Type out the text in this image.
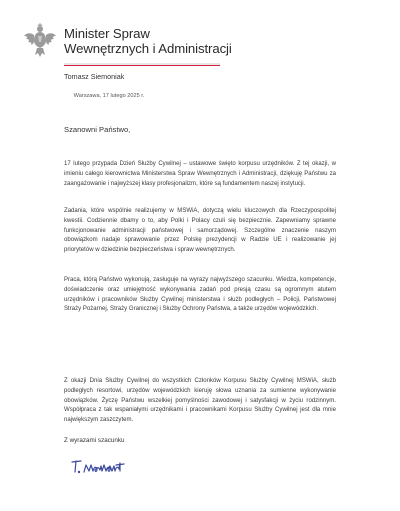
Minister Spraw
Wewnętrznych i Administracji
Tomasz Siemoniak
Warszawa, 17 lutego 2025 r.
Szanowni Państwo,

17 lutego przypada Dzień Służby Cywilnej – ustawowe święto korpusu urzędników. Z tej okazji, w imieniu całego kierownictwa Ministerstwa Spraw Wewnętrznych i Administracji, dziękuję Państwu za zaangażowanie i najwyższej klasy profesjonalizm, które są fundamentem naszej instytucji.

Zadania, które wspólnie realizujemy w MSWiA, dotyczą wielu kluczowych dla Rzeczypospolitej kwestii. Codziennie dbamy o to, aby Polki i Polacy czuli się bezpiecznie. Zapewniamy sprawne funkcjonowanie administracji państwowej i samorządowej. Szczególne znaczenie naszym obowiązkom nadaje sprawowanie przez Polskę prezydencji w Radzie UE i realizowanie jej priorytetów w dziedzinie bezpieczeństwa i spraw wewnętrznych.

Praca, którą Państwo wykonują, zasługuje na wyrazy najwyższego szacunku. Wiedza, kompetencje, doświadczenie oraz umiejętność wykonywania zadań pod presją czasu są ogromnym atutem urzędników i pracowników Służby Cywilnej ministerstwa i służb podległych – Policji, Państwowej Straży Pożarnej, Straży Granicznej i Służby Ochrony Państwa, a także urzędów wojewódzkich.

Z okazji Dnia Służby Cywilnej do wszystkich Członków Korpusu Służby Cywilnej MSWiA, służb podległych resortowi, urzędów wojewódzkich kieruję słowa uznania za sumienne wykonywanie obowiązków. Życzę Państwu wszelkiej pomyślności zawodowej i satysfakcji w życiu rodzinnym. Współpraca z tak wspaniałymi urzędnikami i pracownikami Korpusu Służby Cywilnej jest dla mnie największym zaszczytem.

Z wyrazami szacunku
